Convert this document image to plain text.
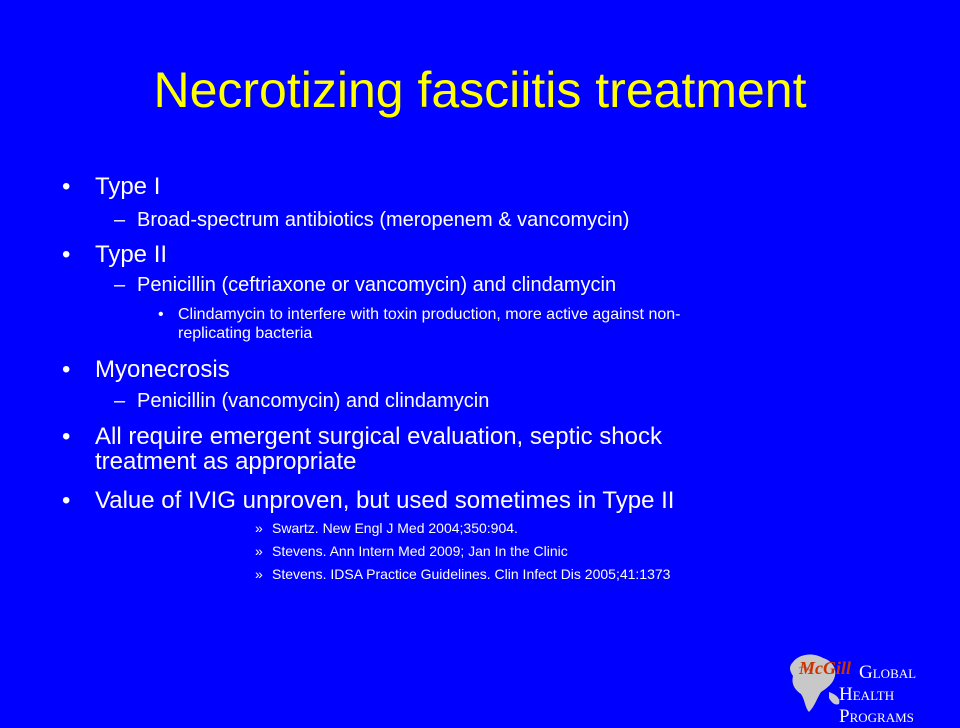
Necrotizing fasciitis treatment
•	Type I
– Broad-spectrum antibiotics (meropenem & vancomycin)
•	Type II
– Penicillin (ceftriaxone or vancomycin) and clindamycin
• Clindamycin to interfere with toxin production, more active against non-
replicating bacteria
•	Myonecrosis
– Penicillin (vancomycin) and clindamycin
•	All require emergent surgical evaluation, septic shock
treatment as appropriate
•	Value of IVIG unproven, but used sometimes in Type II
» Swartz. New Engl J Med 2004;350:904.
» Stevens. Ann Intern Med 2009; Jan In the Clinic
» Stevens. IDSA Practice Guidelines. Clin Infect Dis 2005;41:1373
McGill GLOBAL
HEALTH PROGRAMS
